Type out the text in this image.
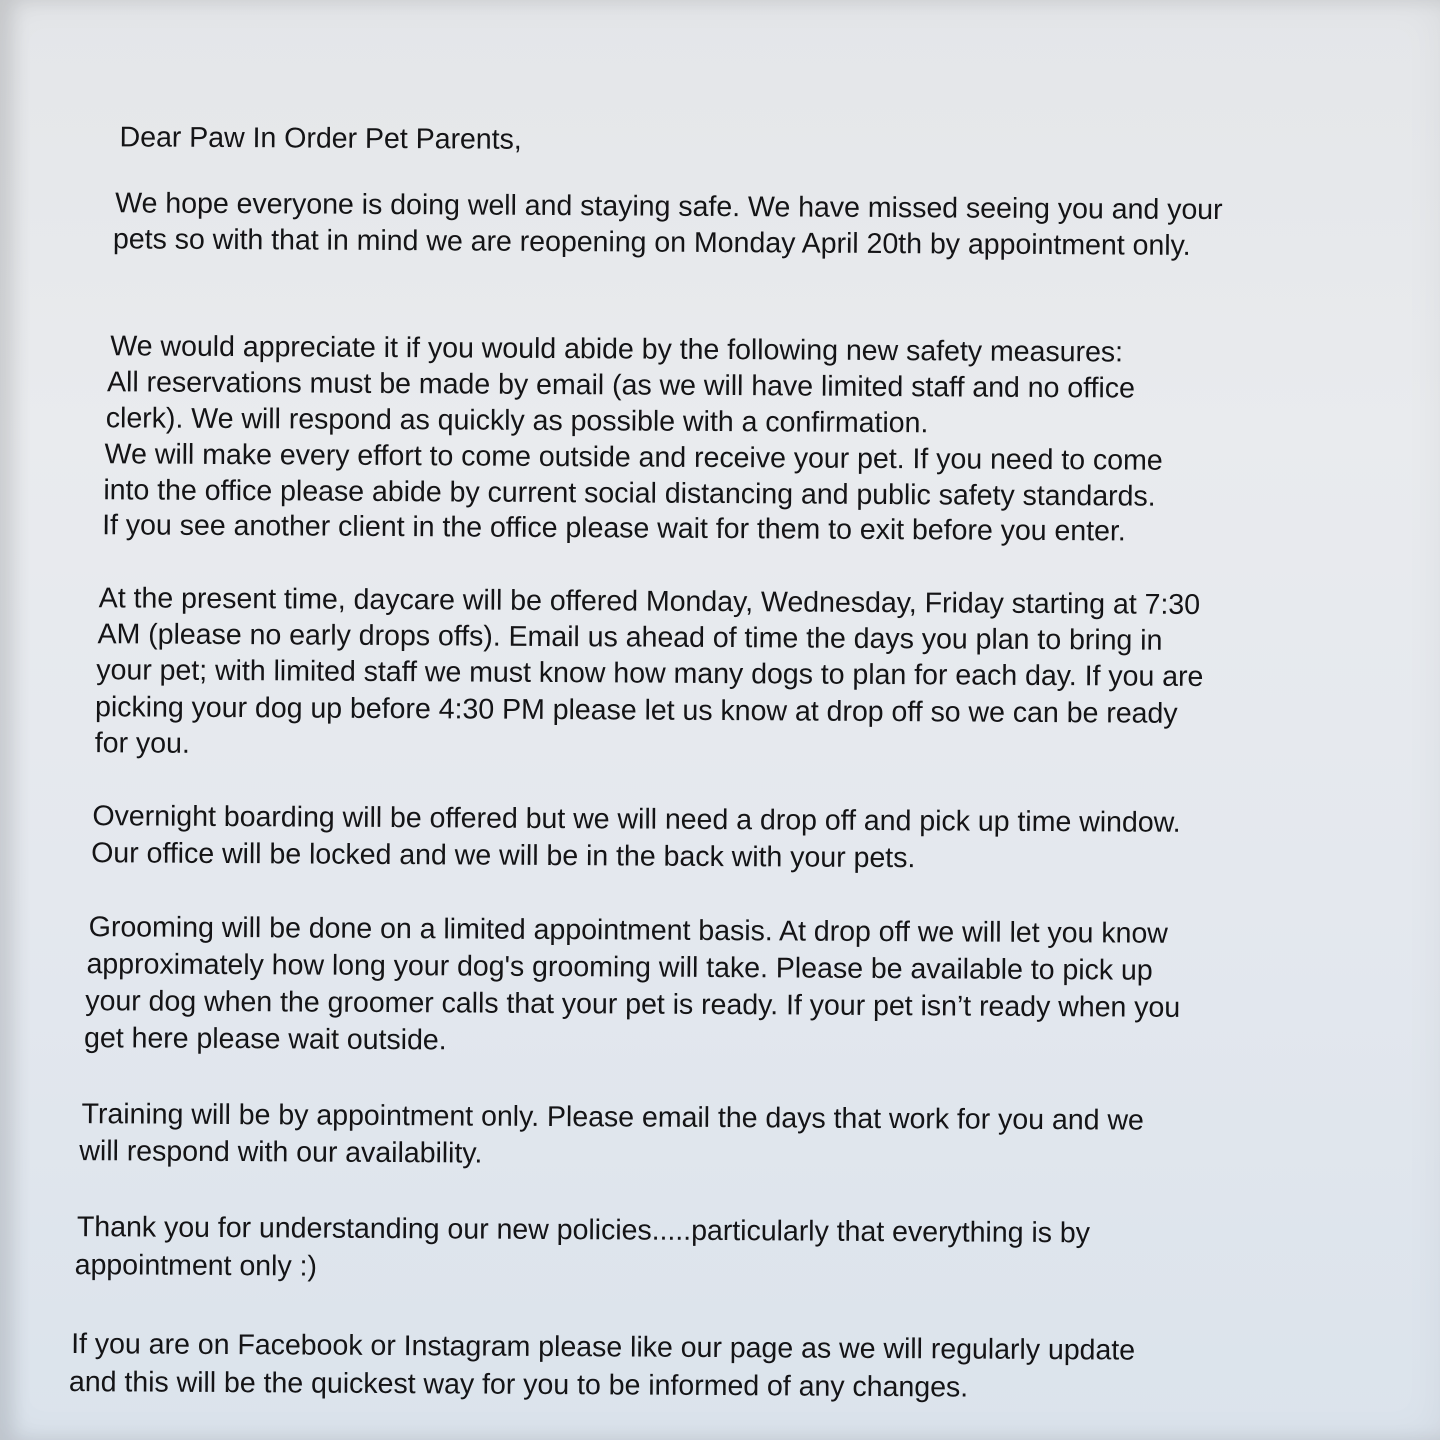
Dear Paw In Order Pet Parents,

We hope everyone is doing well and staying safe. We have missed seeing you and your

pets so with that in mind we are reopening on Monday April 20th by appointment only.

We would appreciate it if you would abide by the following new safety measures:

All reservations must be made by email (as we will have limited staff and no office

clerk). We will respond as quickly as possible with a confirmation.

We will make every effort to come outside and receive your pet. If you need to come

into the office please abide by current social distancing and public safety standards.

If you see another client in the office please wait for them to exit before you enter.

At the present time, daycare will be offered Monday, Wednesday, Friday starting at 7:30

AM (please no early drops offs). Email us ahead of time the days you plan to bring in

your pet; with limited staff we must know how many dogs to plan for each day. If you are

picking your dog up before 4:30 PM please let us know at drop off so we can be ready

for you.

Overnight boarding will be offered but we will need a drop off and pick up time window.

Our office will be locked and we will be in the back with your pets.

Grooming will be done on a limited appointment basis. At drop off we will let you know

approximately how long your dog's grooming will take. Please be available to pick up

your dog when the groomer calls that your pet is ready. If your pet isn’t ready when you

get here please wait outside.

Training will be by appointment only. Please email the days that work for you and we

will respond with our availability.

Thank you for understanding our new policies.....particularly that everything is by

appointment only :)

If you are on Facebook or Instagram please like our page as we will regularly update

and this will be the quickest way for you to be informed of any changes.
